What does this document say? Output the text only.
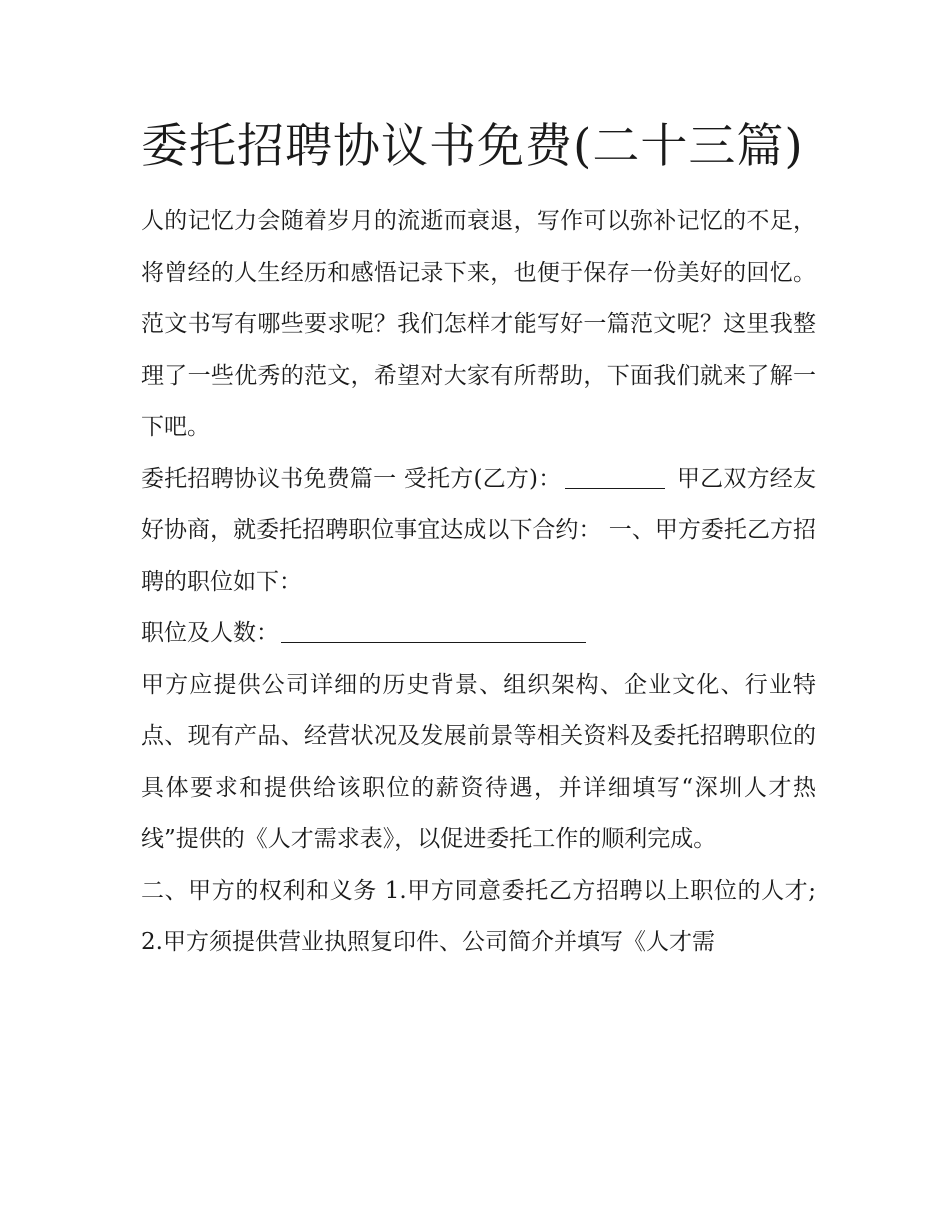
委托招聘协议书免费(二十三篇)

人的记忆力会随着岁月的流逝而衰退，写作可以弥补记忆的不足，将曾经的人生经历和感悟记录下来，也便于保存一份美好的回忆。范文书写有哪些要求呢？我们怎样才能写好一篇范文呢？这里我整理了一些优秀的范文，希望对大家有所帮助，下面我们就来了解一下吧。

委托招聘协议书免费篇一 受托方(乙方)：	甲乙双方经友好协商，就委托招聘职位事宜达成以下合约： 一、甲方委托乙方招聘的职位如下：

职位及人数：

甲方应提供公司详细的历史背景、组织架构、企业文化、行业特点、现有产品、经营状况及发展前景等相关资料及委托招聘职位的具体要求和提供给该职位的薪资待遇，并详细填写“深圳人才热线”提供的《人才需求表》，以促进委托工作的顺利完成。

二、甲方的权利和义务 1.甲方同意委托乙方招聘以上职位的人才; 2.甲方须提供营业执照复印件、公司简介并填写《人才需
